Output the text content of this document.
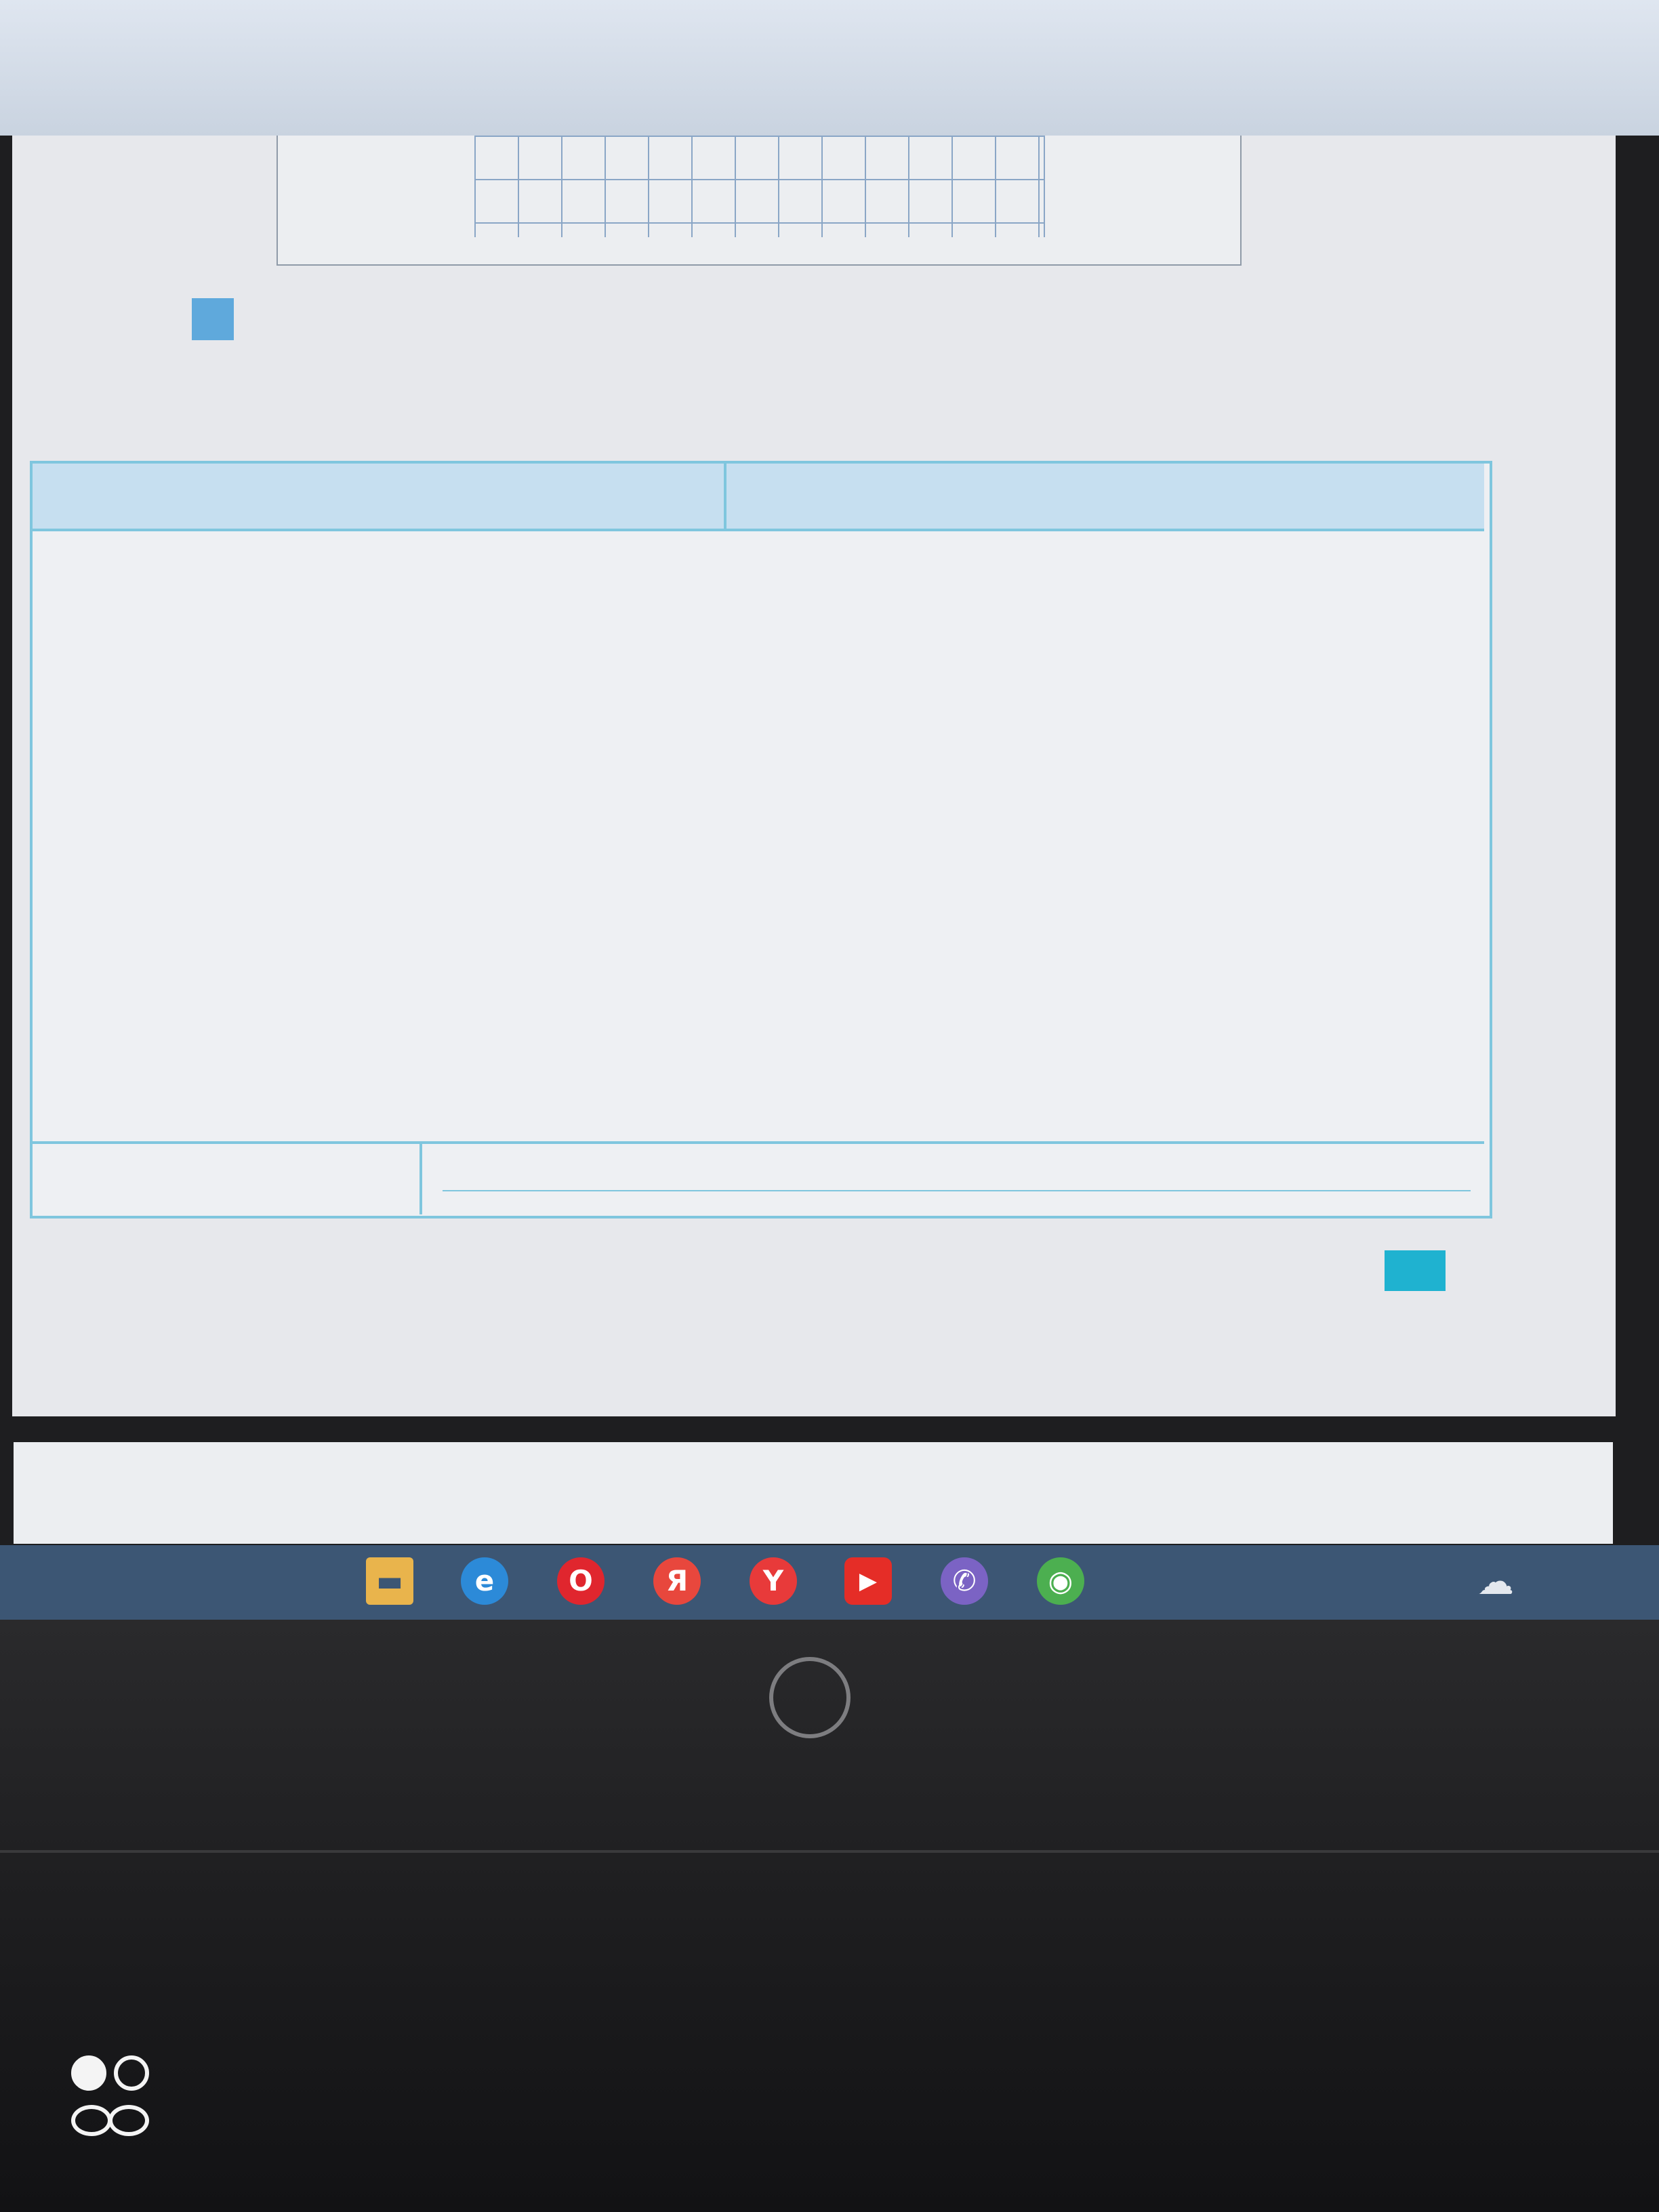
▬	e	O	Я	Y	▶	✆	◉	☁
